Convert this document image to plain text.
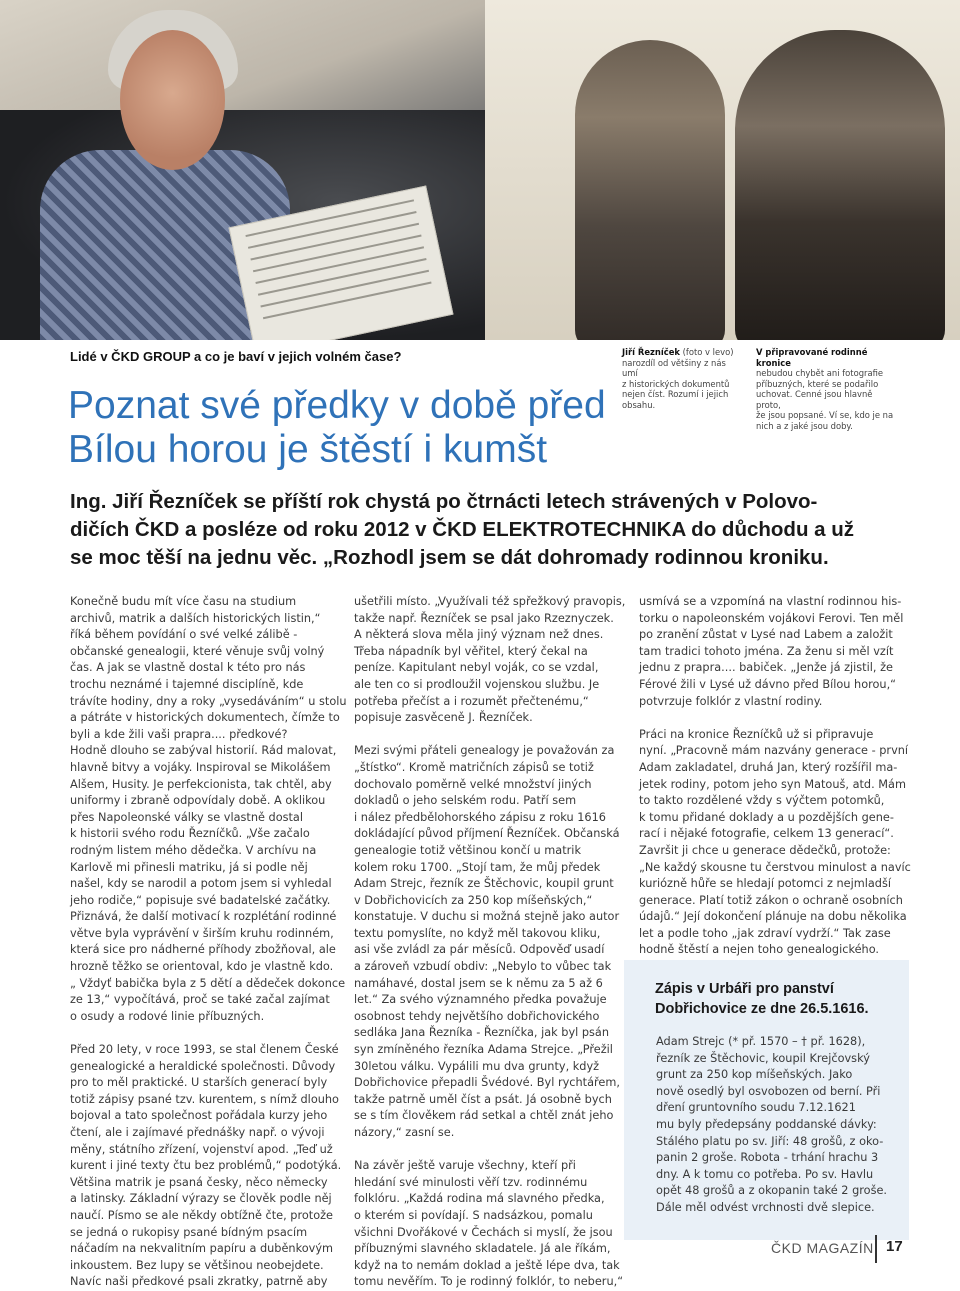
Lidé v ČKD GROUP a co je baví v jejich volném čase?
Poznat své předky v době před
Bílou horou je štěstí i kumšt
Jiří Řezníček (foto v levo)
narozdíl od většiny z nás umí
z historických dokumentů
nejen číst. Rozumí i jejich
obsahu.
V připravované rodinné kronice
nebudou chybět ani fotografie
příbuzných, které se podařilo
uchovat. Cenné jsou hlavně proto,
že jsou popsané. Ví se, kdo je na
nich a z jaké jsou doby.
Ing. Jiří Řezníček se příští rok chystá po čtrnácti letech strávených v Polovo-
dičích ČKD a posléze od roku 2012 v ČKD ELEKTROTECHNIKA do důchodu a už
se moc těší na jednu věc. „Rozhodl jsem se dát dohromady rodinnou kroniku.

Konečně budu mít více času na studium

archivů, matrik a dalších historických listin,“

říká během povídání o své velké zálibě -

občanské genealogii, které věnuje svůj volný

čas. A jak se vlastně dostal k této pro nás

trochu neznámé i tajemné disciplíně, kde

trávíte hodiny, dny a roky „vysedáváním“ u stolu

a pátráte v historických dokumentech, čímže to

byli a kde žili vaši prapra.... předkové?

Hodně dlouho se zabýval historií. Rád malovat,

hlavně bitvy a vojáky. Inspiroval se Mikolášem

Alšem, Husity. Je perfekcionista, tak chtěl, aby

uniformy i zbraně odpovídaly době. A oklikou

přes Napoleonské války se vlastně dostal

k historii svého rodu Řezníčků. „Vše začalo

rodným listem mého dědečka. V archívu na

Karlově mi přinesli matriku, já si podle něj

našel, kdy se narodil a potom jsem si vyhledal

jeho rodiče,“ popisuje své badatelské začátky.

Přiznává, že další motivací k rozplétání rodinné

větve byla vyprávění v širším kruhu rodinném,

která sice pro nádherné příhody zbožňoval, ale

hrozně těžko se orientoval, kdo je vlastně kdo.

„ Vždyť babička byla z 5 dětí a dědeček dokonce

ze 13,“ vypočítává, proč se také začal zajímat

o osudy a rodové linie příbuzných.

Před 20 lety, v roce 1993, se stal členem České

genealogické a heraldické společnosti. Důvody

pro to měl praktické. U starších generací byly

totiž zápisy psané tzv. kurentem, s nímž dlouho

bojoval a tato společnost pořádala kurzy jeho

čtení, ale i zajímavé přednášky např. o vývoji

měny, státního zřízení, vojenství apod. „Teď už

kurent i jiné texty čtu bez problémů,“ podotýká.

Většina matrik je psaná česky, něco německy

a latinsky. Základní výrazy se člověk podle něj

naučí. Písmo se ale někdy obtížně čte, protože

se jedná o rukopisy psané bídným psacím

náčadím na nekvalitním papíru a duběnkovým

inkoustem. Bez lupy se většinou neobejdete.

Navíc naši předkové psali zkratky, patrně aby

ušetřili místo. „Využívali též spřežkový pravopis,

takže např. Řezníček se psal jako Rzeznyczek.

A některá slova měla jiný význam než dnes.

Třeba nápadník byl věřitel, který čekal na

peníze. Kapitulant nebyl voják, co se vzdal,

ale ten co si prodloužil vojenskou službu. Je

potřeba přečíst a i rozumět přečtenému,“

popisuje zasvěceně J. Řezníček.

Mezi svými přáteli genealogy je považován za

„štístko“. Kromě matričních zápisů se totiž

dochovalo poměrně velké množství jiných

dokladů o jeho selském rodu. Patří sem

i nález předbělohorského zápisu z roku 1616

dokládající původ příjmení Řezníček. Občanská

genealogie totiž většinou končí u matrik

kolem roku 1700. „Stojí tam, že můj předek

Adam Strejc, řezník ze Štěchovic, koupil grunt

v Dobřichovicích za 250 kop míšeňských,“

konstatuje. V duchu si možná stejně jako autor

textu pomyslíte, no když měl takovou kliku,

asi vše zvládl za pár měsíců. Odpověď usadí

a zároveň vzbudí obdiv: „Nebylo to vůbec tak

namáhavé, dostal jsem se k němu za 5 až 6

let.“ Za svého významného předka považuje

osobnost tehdy největšího dobřichovického

sedláka Jana Řezníka - Řezníčka, jak byl psán

syn zmíněného řezníka Adama Strejce. „Přežil

30letou válku. Vypálili mu dva grunty, když

Dobřichovice přepadli Švédové. Byl rychtářem,

takže patrně uměl číst a psát. Já osobně bych

se s tím člověkem rád setkal a chtěl znát jeho

názory,“ zasní se.

Na závěr ještě varuje všechny, kteří při

hledání své minulosti věří tzv. rodinnému

folklóru. „Každá rodina má slavného předka,

o kterém si povídají. S nadsázkou, pomalu

všichni Dvořákové v Čechách si myslí, že jsou

příbuznými slavného skladatele. Já ale říkám,

když na to nemám doklad a ještě lépe dva, tak

tomu nevěřím. To je rodinný folklór, to neberu,“

usmívá se a vzpomíná na vlastní rodinnou his-

torku o napoleonském vojákovi Ferovi. Ten měl

po zranění zůstat v Lysé nad Labem a založit

tam tradici tohoto jména. Za ženu si měl vzít

jednu z prapra.... babiček. „Jenže já zjistil, že

Férové žili v Lysé už dávno před Bílou horou,“

potvrzuje folklór z vlastní rodiny.

Práci na kronice Řezníčků už si připravuje

nyní. „Pracovně mám nazvány generace - první

Adam zakladatel, druhá Jan, který rozšířil ma-

jetek rodiny, potom jeho syn Matouš, atd. Mám

to takto rozdělené vždy s výčtem potomků,

k tomu přidané doklady a u pozdějších gene-

rací i nějaké fotografie, celkem 13 generací“.

Završit ji chce u generace dědečků, protože:

„Ne každý skousne tu čerstvou minulost a navíc

kuriózně hůře se hledají potomci z nejmladší

generace. Platí totiž zákon o ochraně osobních

údajů.“ Její dokončení plánuje na dobu několika

let a podle toho „jak zdraví vydrží.“ Tak zase

hodně štěstí a nejen toho genealogického.

Zápis v Urbáři pro panství
Dobřichovice ze dne 26.5.1616.

Adam Strejc (* př. 1570 – † př. 1628),

řezník ze Štěchovic, koupil Krejčovský

grunt za 250 kop míšeňských. Jako

nově osedlý byl osvobozen od berní. Při

dření gruntovního soudu 7.12.1621

mu byly předepsány poddanské dávky:

Stálého platu po sv. Jiří: 48 grošů, z oko-

panin 2 groše. Robota - trhání hrachu 3

dny. A k tomu co potřeba. Po sv. Havlu

opět 48 grošů a z okopanin také 2 groše.

Dále měl odvést vrchnosti dvě slepice.

ČKD MAGAZÍN 17
